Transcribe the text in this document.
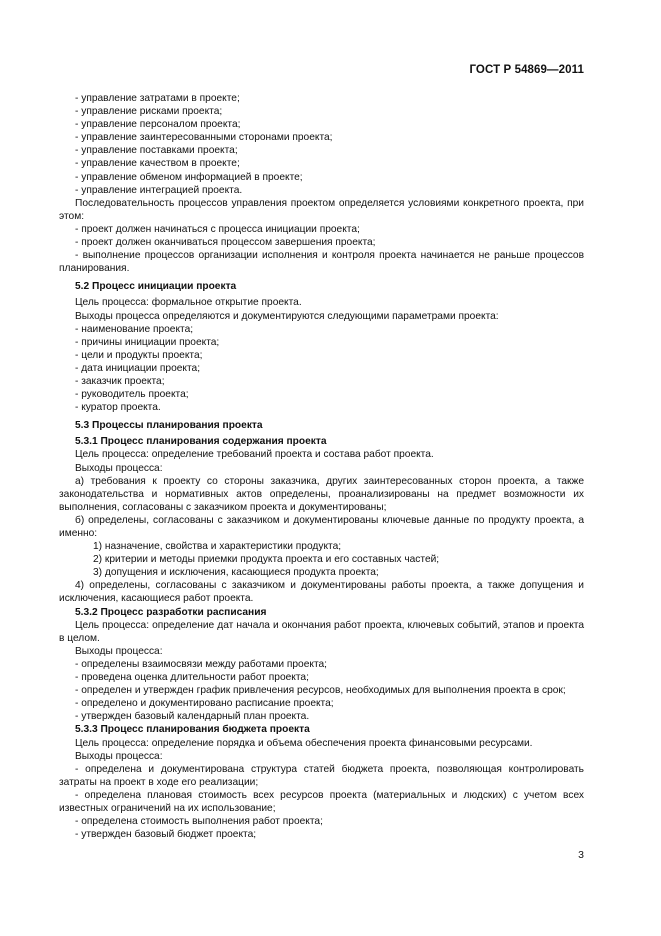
ГОСТ Р 54869—2011

- управление затратами в проекте;

- управление рисками проекта;

- управление персоналом проекта;

- управление заинтересованными сторонами проекта;

- управление поставками проекта;

- управление качеством в проекте;

- управление обменом информацией в проекте;

- управление интеграцией проекта.

Последовательность процессов управления проектом определяется условиями конкретного проекта, при этом:

- проект должен начинаться с процесса инициации проекта;

- проект должен оканчиваться процессом завершения проекта;

- выполнение процессов организации исполнения и контроля проекта начинается не раньше процессов планирования.

5.2 Процесс инициации проекта

Цель процесса: формальное открытие проекта.

Выходы процесса определяются и документируются следующими параметрами проекта:

- наименование проекта;

- причины инициации проекта;

- цели и продукты проекта;

- дата инициации проекта;

- заказчик проекта;

- руководитель проекта;

- куратор проекта.

5.3 Процессы планирования проекта

5.3.1 Процесс планирования содержания проекта

Цель процесса: определение требований проекта и состава работ проекта.

Выходы процесса:

а) требования к проекту со стороны заказчика, других заинтересованных сторон проекта, а также законодательства и нормативных актов определены, проанализированы на предмет возможности их выполнения, согласованы с заказчиком проекта и документированы;

б) определены, согласованы с заказчиком и документированы ключевые данные по продукту проекта, а именно:

1) назначение, свойства и характеристики продукта;

2) критерии и методы приемки продукта проекта и его составных частей;

3) допущения и исключения, касающиеся продукта проекта;

4) определены, согласованы с заказчиком и документированы работы проекта, а также допущения и исключения, касающиеся работ проекта.

5.3.2 Процесс разработки расписания

Цель процесса: определение дат начала и окончания работ проекта, ключевых событий, этапов и проекта в целом.

Выходы процесса:

- определены взаимосвязи между работами проекта;

- проведена оценка длительности работ проекта;

- определен и утвержден график привлечения ресурсов, необходимых для выполнения проекта в срок;

- определено и документировано расписание проекта;

- утвержден базовый календарный план проекта.

5.3.3 Процесс планирования бюджета проекта

Цель процесса: определение порядка и объема обеспечения проекта финансовыми ресурсами.

Выходы процесса:

- определена и документирована структура статей бюджета проекта, позволяющая контролировать затраты на проект в ходе его реализации;

- определена плановая стоимость всех ресурсов проекта (материальных и людских) с учетом всех известных ограничений на их использование;

- определена стоимость выполнения работ проекта;

- утвержден базовый бюджет проекта;

3
